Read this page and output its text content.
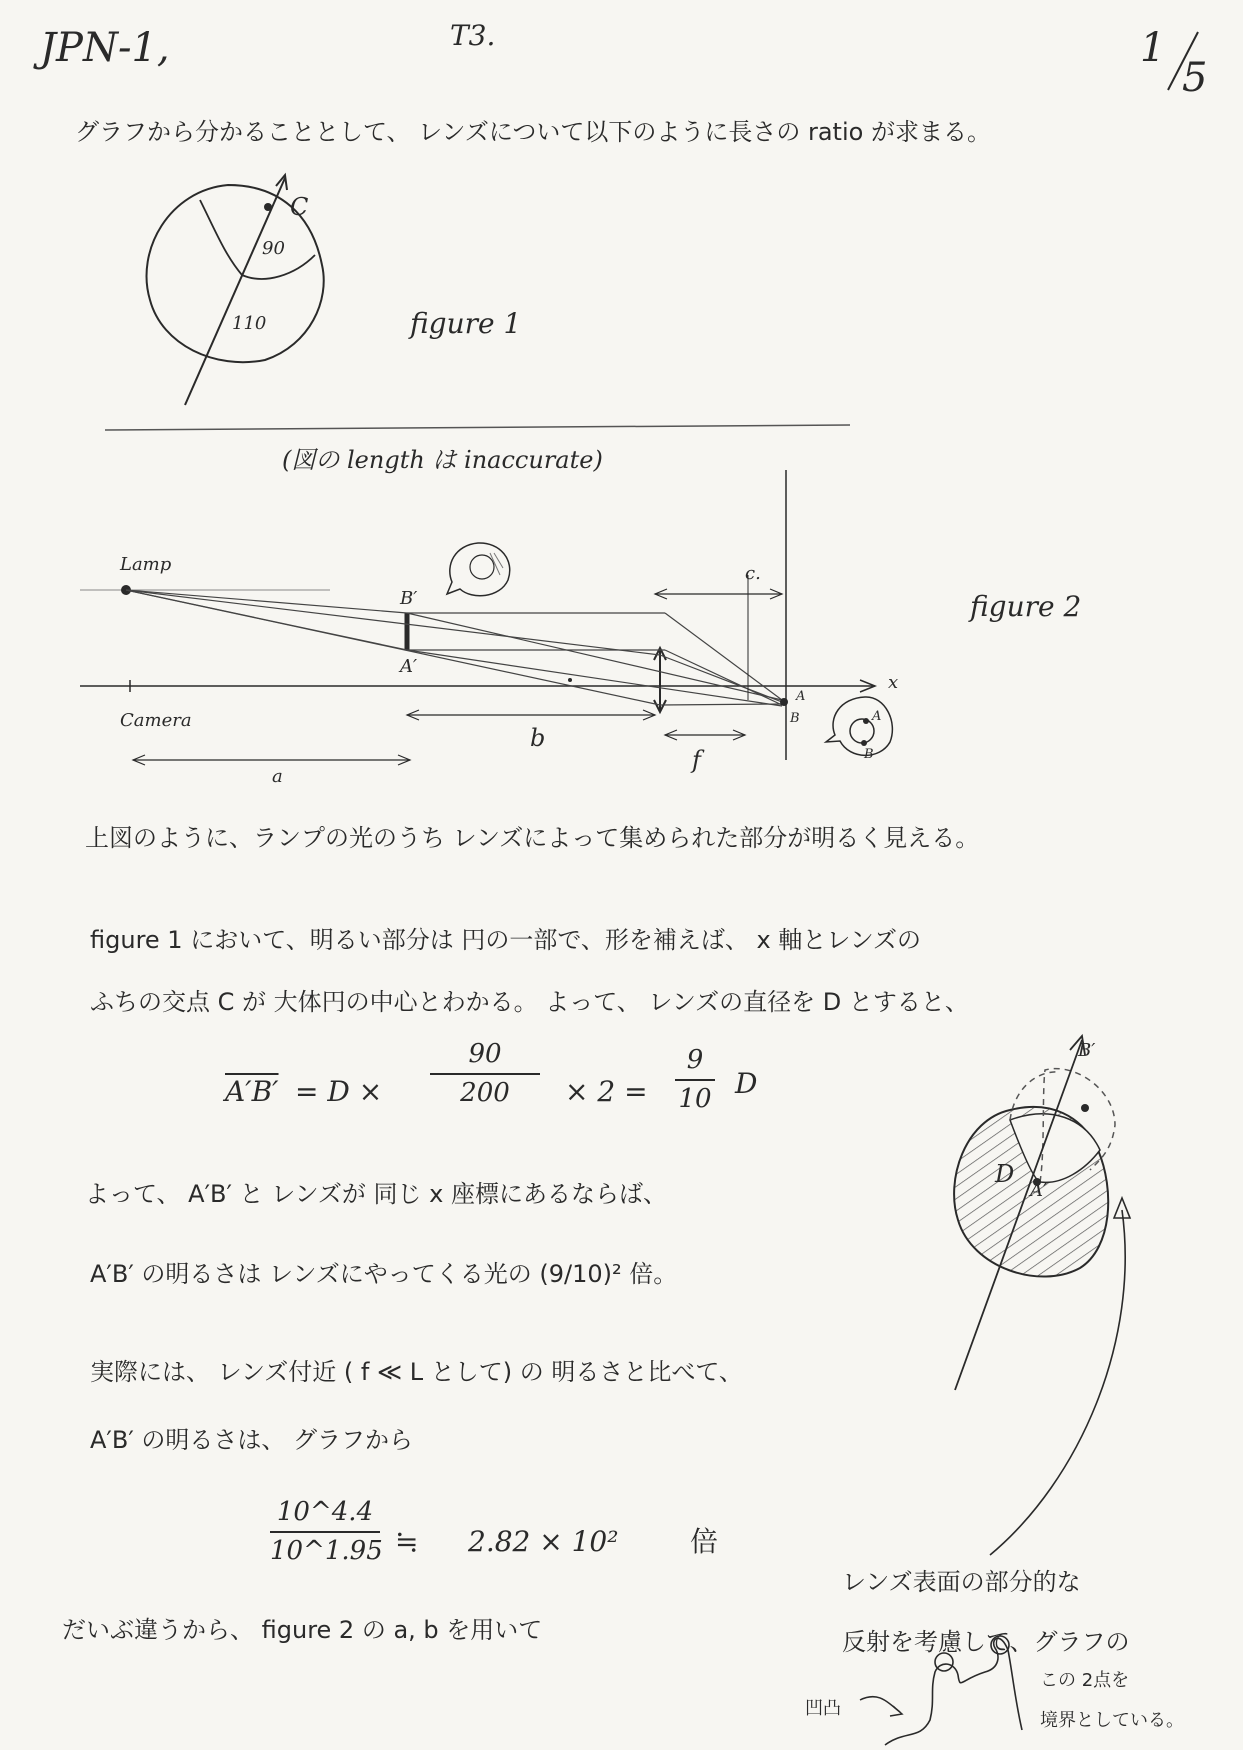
JPN-1,	T3.	1
5
グラフから分かることとして、 レンズについて以下のように長さの ratio が求まる。
C
90
110	figure 1
(図の length は inaccurate)
figure 2
Lamp
Camera
B′
A′
c.
x
a
b
f
A
B	A
B
上図のように、ランプの光のうち レンズによって集められた部分が明るく見える。
figure 1 において、明るい部分は 円の一部で、形を補えば、 x 軸とレンズの
ふちの交点 C が 大体円の中心とわかる。 よって、 レンズの直径を D とすると、
A′B′ = D ×
90
200	× 2 =
9
10 D
よって、 A′B′ と レンズが 同じ x 座標にあるならば、
A′B′ の明るさは レンズにやってくる光の (9/10)² 倍。
実際には、 レンズ付近 ( f ≪ L として) の 明るさと比べて、
A′B′ の明るさは、 グラフから
10^4.4
10^1.95 ≒ 2.82 × 10²	倍
だいぶ違うから、 figure 2 の a, b を用いて
B′
D
A′
レンズ表面の部分的な
反射を考慮して、グラフの
凹凸
この 2点を
境界としている。
